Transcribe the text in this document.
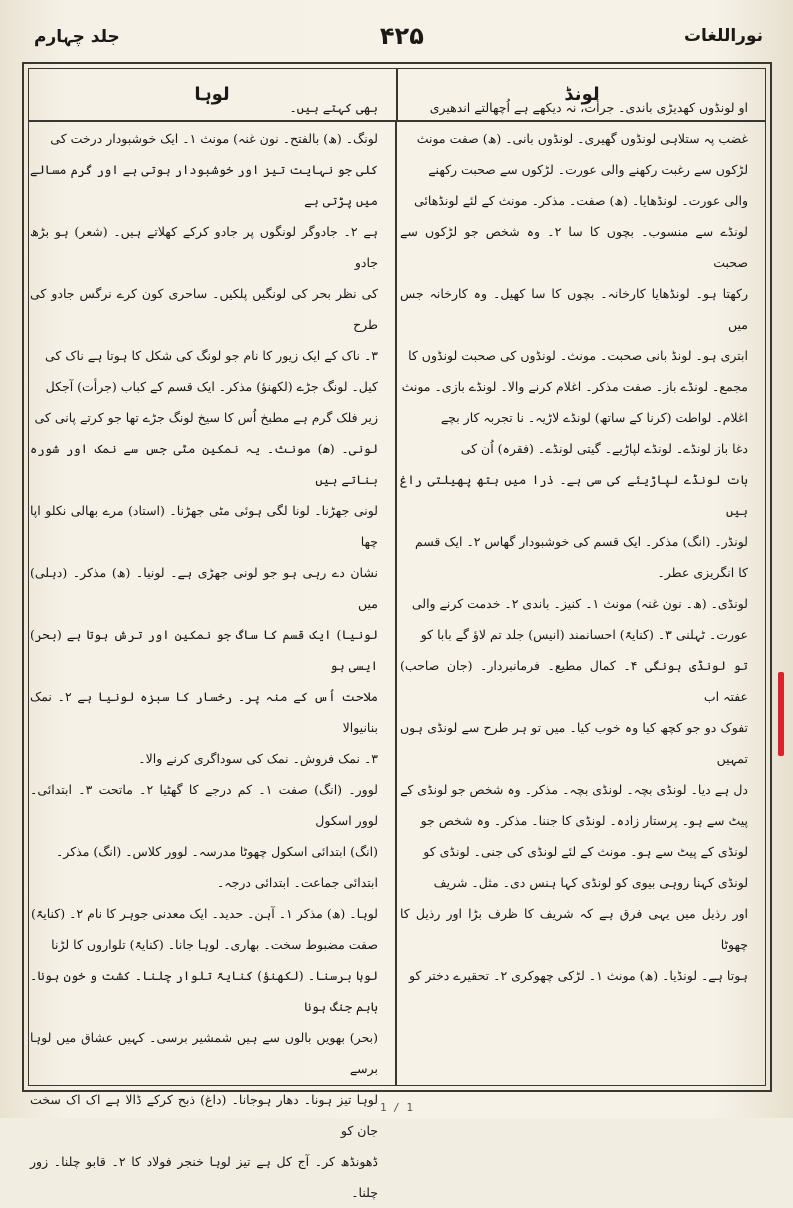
جلد چہارم	۴۲۵	نوراللغات
لونڈ
لوہا

او لونڈوں کھدیڑی باندی۔ جرأت، نہ دیکھے ہے اُچھالتے اندھیری

غضب پہ ستلاہی لونڈوں گھیری۔ لونڈوں بانی۔ (ھ) صفت مونث

لڑکوں سے رغبت رکھنے والی عورت۔ لڑکوں سے صحبت رکھنے

والی عورت۔ لونڈھایا۔ (ھ) صفت۔ مذکر۔ مونث کے لئے لونڈھائی

لونڈے سے منسوب۔ بچوں کا سا ۲۔ وہ شخص جو لڑکوں سے صحبت

رکھتا ہو۔ لونڈھایا کارخانہ۔ بچوں کا سا کھیل۔ وہ کارخانہ جس میں

ابتری ہو۔ لونڈ بانی صحبت۔ مونث۔ لونڈوں کی صحبت لونڈوں کا

مجمع۔ لونڈے باز۔ صفت مذکر۔ اغلام کرنے والا۔ لونڈے بازی۔ مونث

اغلام۔ لواطت (کرنا کے ساتھ) لونڈے لاڑیہ۔ نا تجربہ کار بچے

دغا باز لونڈے۔ لونڈے لپاڑیے۔ گیتی لونڈے۔ (فقرہ) اُن کی

بات لونڈے لپاڑیئے کی سی ہے۔ ذرا میں ہتھ پھیلتی راغ ہیں

لونڈر۔ (انگ) مذکر۔ ایک قسم کی خوشبودار گھاس ۲۔ ایک قسم

کا انگریزی عطر۔

لونڈی۔ (ھ۔ نون غنہ) مونث ۱۔ کنیز۔ باندی ۲۔ خدمت کرنے والی

عورت۔ ٹہلنی ۳۔ (کنایۃً) احسانمند (انیس) جلد تم لاؤ گے بابا کو

تو لونڈی ہونگی ۴۔ کمال مطیع۔ فرمانبردار۔ (جان صاحب) عفتہ اب

تفوک دو جو کچھ کیا وہ خوب کیا۔ میں تو ہر طرح سے لونڈی ہوں تمہیں

دل ہے دیا۔ لونڈی بچہ۔ لونڈی بچہ۔ مذکر۔ وہ شخص جو لونڈی کے

پیٹ سے ہو۔ پرستار زادہ۔ لونڈی کا جننا۔ مذکر۔ وہ شخص جو

لونڈی کے پیٹ سے ہو۔ مونث کے لئے لونڈی کی جنی۔ لونڈی کو

لونڈی کہنا روہی بیوی کو لونڈی کہا ہنس دی۔ مثل۔ شریف

اور رذیل میں یہی فرق ہے کہ شریف کا ظرف بڑا اور رذیل کا چھوٹا

ہوتا ہے۔ لونڈیا۔ (ھ) مونث ۱۔ لڑکی چھوکری ۲۔ تحقیرے دختر کو

بھی کہتے ہیں۔

لونگ۔ (ھ) بالفتح۔ نون غنہ) مونث ۱۔ ایک خوشبودار درخت کی

کلی جو نہایت تیز اور خوشبودار ہوتی ہے اور گرم مسالے میں پڑتی ہے

ہے ۲۔ جادوگر لونگوں پر جادو کرکے کھلاتے ہیں۔ (شعر) ہو بڑھ جادو

کی نظر بحر کی لونگیں پلکیں۔ ساحری کون کرے نرگس جادو کی طرح

۳۔ ناک کے ایک زیور کا نام جو لونگ کی شکل کا ہوتا ہے ناک کی

کیل۔ لونگ جڑے (لکھنؤ) مذکر۔ ایک قسم کے کباب (جرأت) آجکل

زیر فلک گرم ہے مطبخ اُس کا سیخ لونگ جڑے تھا جو کرتے پانی کی

لونی۔ (ھ) مونث۔ یہ نمکین مٹی جس سے نمک اور شورہ بناتے ہیں

لونی جھڑنا۔ لونا لگی ہوئی مٹی جھڑنا۔ (استاد) مرے بھالی نکلو اپا چھا

نشان دے رہی ہو جو لونی جھڑی ہے۔ لونیا۔ (ھ) مذکر۔ (دہلی) میں

لونیا) ایک قسم کا ساگ جو نمکین اور ترش ہوتا ہے (بحر) ایسی ہو

ملاحت اُس کے منہ پر۔ رخسار کا سبزہ لونیا ہے ۲۔ نمک بنانیوالا

۳۔ نمک فروش۔ نمک کی سوداگری کرنے والا۔

لوور۔ (انگ) صفت ۱۔ کم درجے کا گھٹیا ۲۔ ماتحت ۳۔ ابتدائی۔ لوور اسکول

(انگ) ابتدائی اسکول چھوٹا مدرسہ۔ لوور کلاس۔ (انگ) مذکر۔

ابتدائی جماعت۔ ابتدائی درجہ۔

لوہا۔ (ھ) مذکر ۱۔ آہن۔ حدید۔ ایک معدنی جوہر کا نام ۲۔ (کنایۃً)

صفت مضبوط سخت۔ بھاری۔ لوہا جانا۔ (کنایۃً) تلواروں کا لڑنا

لوہا برسنا۔ (لکھنؤ) کنایۃً تلوار چلنا۔ کشت و خون ہونا۔ باہم جنگ ہونا

(بحر) بھویں بالوں سے ہیں شمشیر برسی۔ کہیں عشاق میں لوہا برسے

لوہا تیز ہونا۔ دھار ہوجانا۔ (داغ) ذبح کرکے ڈالا ہے اک اک سخت جان کو

ڈھونڈھ کر۔ آج کل ہے تیز لوہا خنجر فولاد کا ۲۔ قابو چلنا۔ زور چلنا۔

1 / 1
